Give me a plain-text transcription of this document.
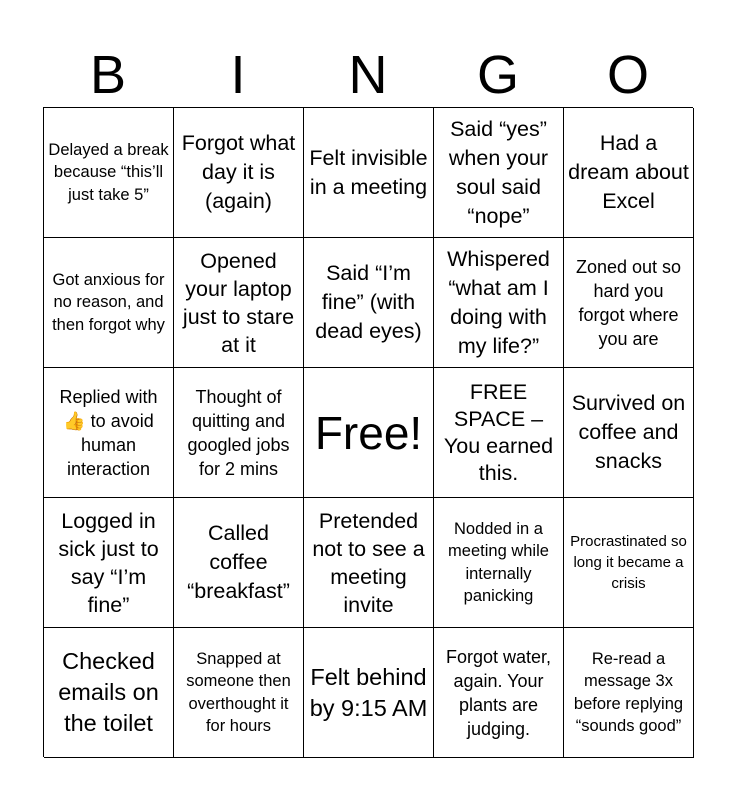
B	I	N	G	O
Delayed a break because “this’ll just take 5”
Forgot what day it is (again)
Felt invisible in a meeting
Said “yes” when your soul said “nope”
Had a dream about Excel
Got anxious for no reason, and then forgot why
Opened your laptop just to stare at it
Said “I’m fine” (with dead eyes)
Whispered “what am I doing with my life?”
Zoned out so hard you forgot where you are
Replied with 👍 to avoid human interaction
Thought of quitting and googled jobs for 2 mins
Free!
FREE SPACE – You earned this.
Survived on coffee and snacks
Logged in sick just to say “I’m fine”
Called coffee “breakfast”
Pretended not to see a meeting invite
Nodded in a meeting while internally panicking
Procrastinated so long it became a crisis
Checked emails on the toilet
Snapped at someone then overthought it for hours
Felt behind by 9:15 AM
Forgot water, again. Your plants are judging.
Re-read a message 3x before replying “sounds good”
